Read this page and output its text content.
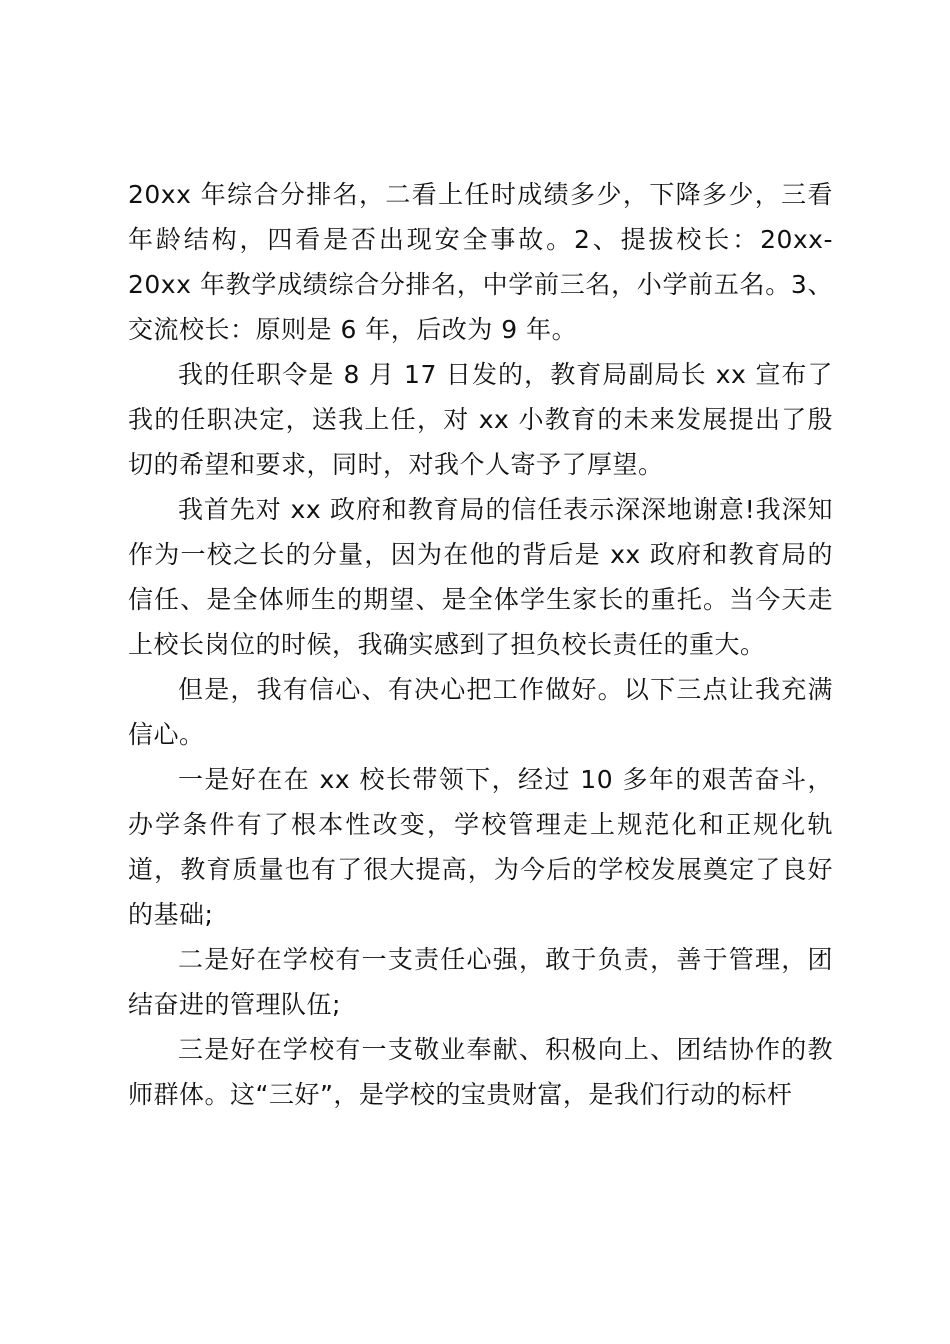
20xx 年综合分排名，二看上任时成绩多少，下降多少，三看年龄结构，四看是否出现安全事故。2、提拔校长：20xx-20xx 年教学成绩综合分排名，中学前三名，小学前五名。3、交流校长：原则是 6 年，后改为 9 年。

我的任职令是 8 月 17 日发的，教育局副局长 xx 宣布了我的任职决定，送我上任，对 xx 小教育的未来发展提出了殷切的希望和要求，同时，对我个人寄予了厚望。

我首先对 xx 政府和教育局的信任表示深深地谢意!我深知作为一校之长的分量，因为在他的背后是 xx 政府和教育局的信任、是全体师生的期望、是全体学生家长的重托。当今天走上校长岗位的时候，我确实感到了担负校长责任的重大。

但是，我有信心、有决心把工作做好。以下三点让我充满信心。

一是好在在 xx 校长带领下，经过 10 多年的艰苦奋斗，办学条件有了根本性改变，学校管理走上规范化和正规化轨道，教育质量也有了很大提高，为今后的学校发展奠定了良好的基础;

二是好在学校有一支责任心强，敢于负责，善于管理，团结奋进的管理队伍;

三是好在学校有一支敬业奉献、积极向上、团结协作的教师群体。这“三好”，是学校的宝贵财富，是我们行动的标杆
